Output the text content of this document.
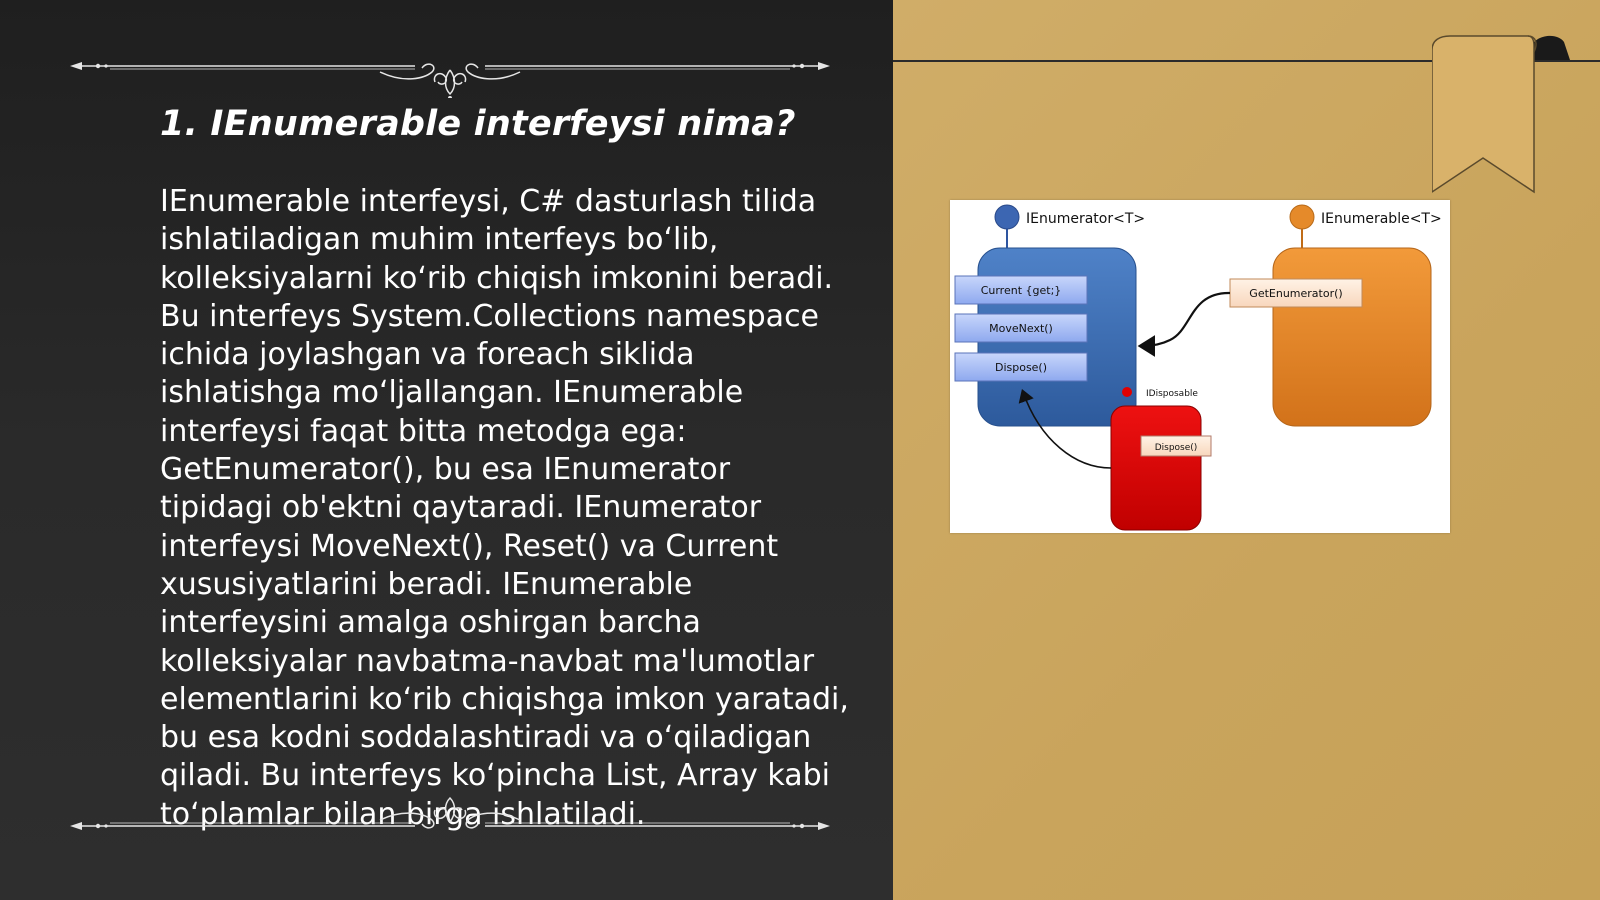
1. IEnumerable interfeysi nima?

IEnumerable interfeysi, C# dasturlash tilida ishlatiladigan muhim interfeys bo‘lib, kolleksiyalarni ko‘rib chiqish imkonini beradi. Bu interfeys System.Collections namespace ichida joylashgan va foreach siklida ishlatishga mo‘ljallangan. IEnumerable interfeysi faqat bitta metodga ega: GetEnumerator(), bu esa IEnumerator tipidagi ob'ektni qaytaradi. IEnumerator interfeysi MoveNext(), Reset() va Current xususiyatlarini beradi. IEnumerable interfeysini amalga oshirgan barcha kolleksiyalar navbatma-navbat ma'lumotlar elementlarini ko‘rib chiqishga imkon yaratadi, bu esa kodni soddalashtiradi va o‘qiladigan qiladi. Bu interfeys ko‘pincha List, Array kabi to‘plamlar bilan birga ishlatiladi.

IEnumerator<T>
Current {get;}
MoveNext()
Dispose()
IEnumerable<T>
GetEnumerator()
IDisposable
Dispose()
